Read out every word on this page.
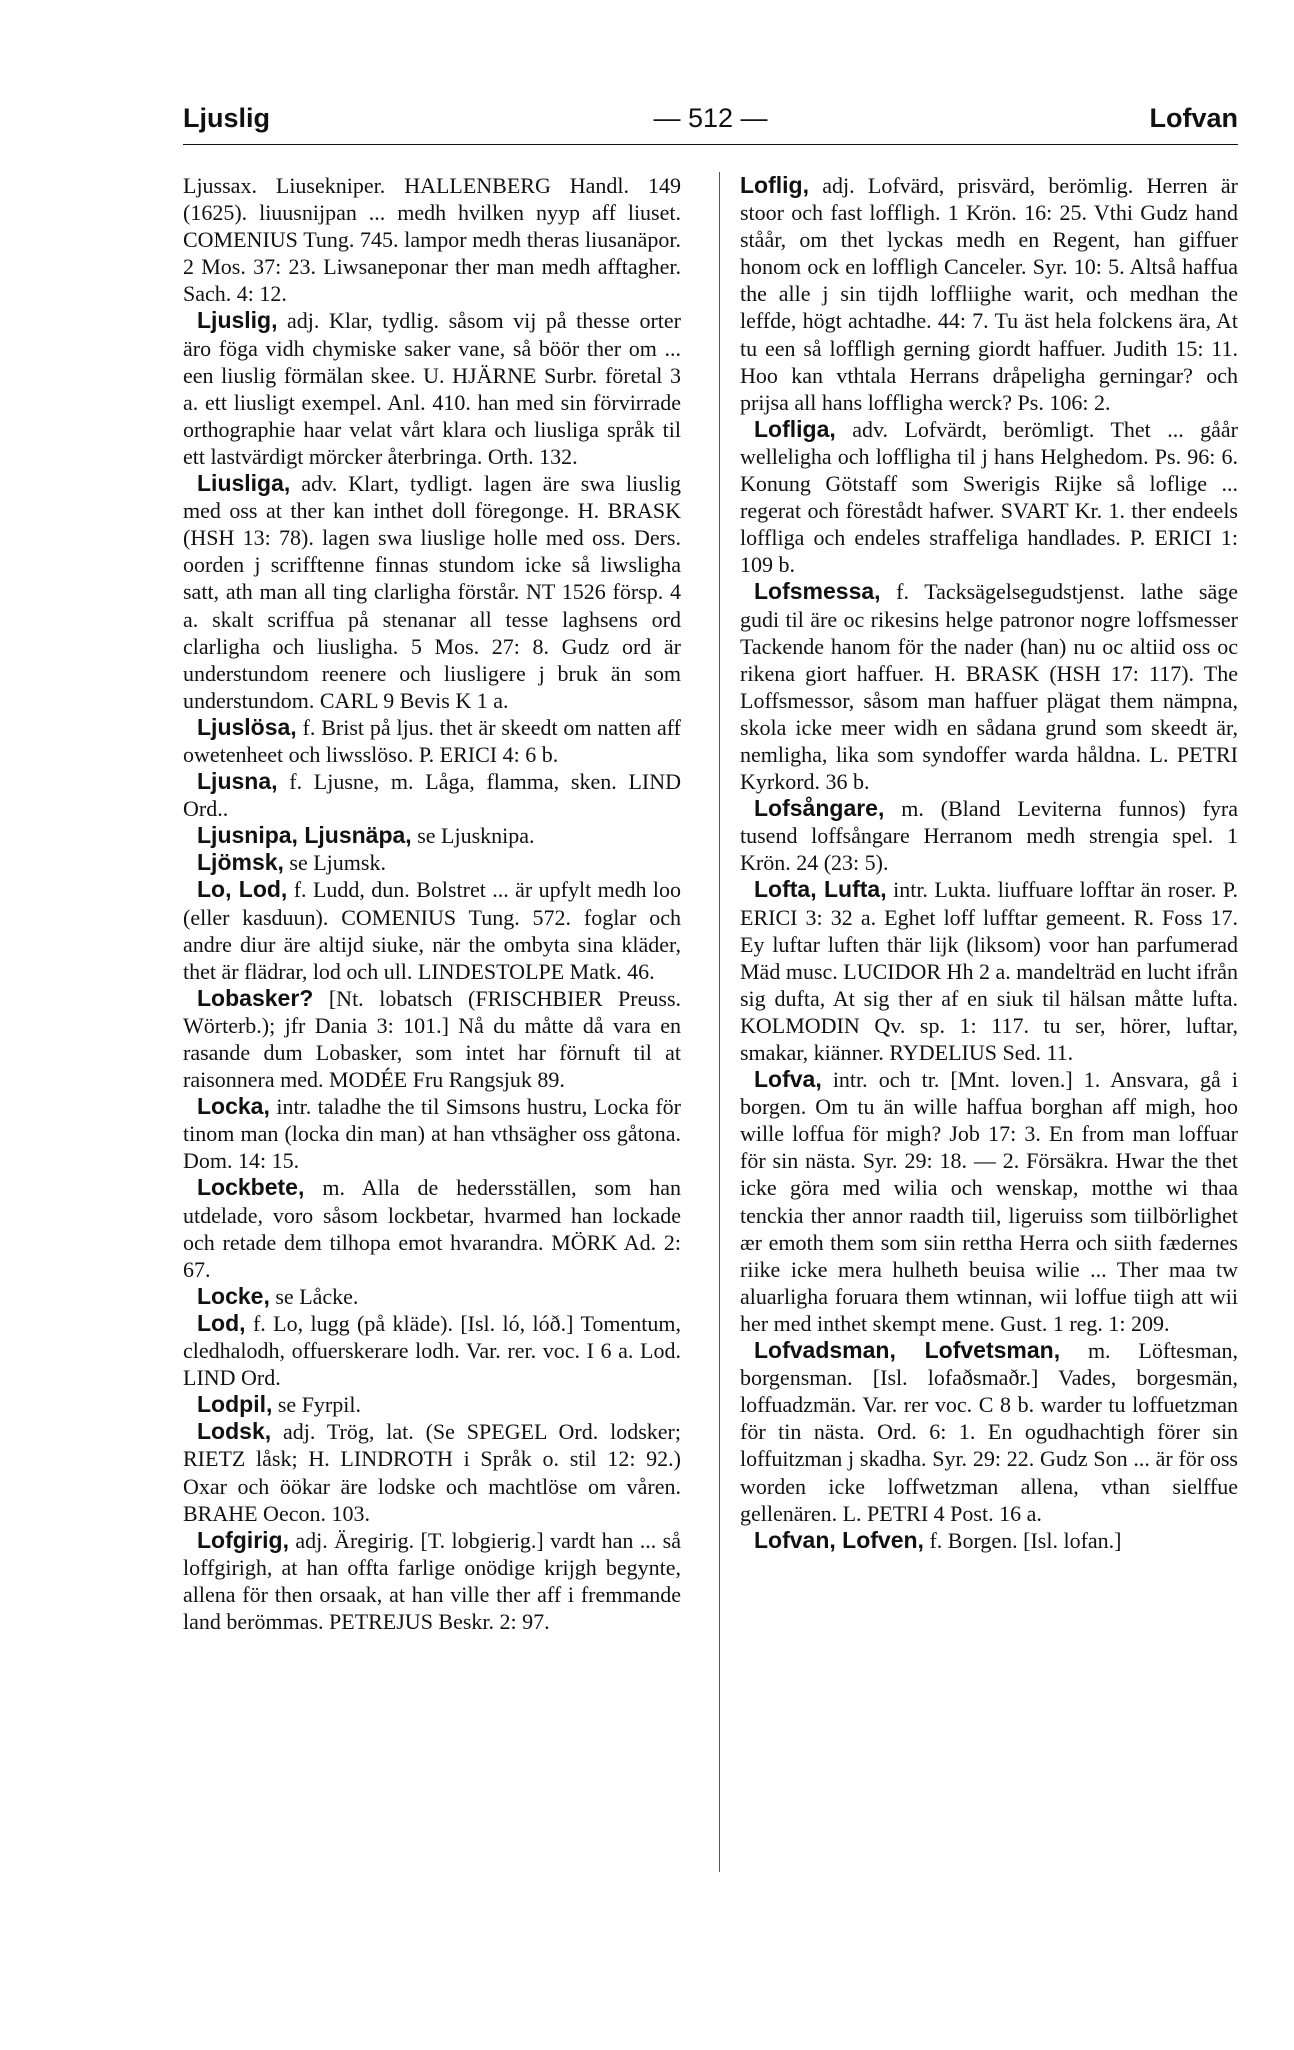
Ljuslig	— 512 —	Lofvan

Ljussax. Liusekniper. HALLENBERG Handl. 149 (1625). liuusnijpan ... medh hvilken nyyp aff liuset. COMENIUS Tung. 745. lampor medh theras liusanäpor. 2 Mos. 37: 23. Liwsaneponar ther man medh afftagher. Sach. 4: 12.

Ljuslig, adj. Klar, tydlig. såsom vij på thesse orter äro föga vidh chymiske saker vane, så böör ther om ... een liuslig förmälan skee. U. HJÄRNE Surbr. företal 3 a. ett liusligt exempel. Anl. 410. han med sin förvirrade orthographie haar velat vårt klara och liusliga språk til ett lastvärdigt mörcker återbringa. Orth. 132.

Liusliga, adv. Klart, tydligt. lagen äre swa liuslig med oss at ther kan inthet doll föregonge. H. BRASK (HSH 13: 78). lagen swa liuslige holle med oss. Ders. oorden j scrifftenne finnas stundom icke så liwsligha satt, ath man all ting clarligha förstår. NT 1526 försp. 4 a. skalt scriffua på stenanar all tesse laghsens ord clarligha och liusligha. 5 Mos. 27: 8. Gudz ord är understundom reenere och liusligere j bruk än som understundom. CARL 9 Bevis K 1 a.

Ljuslösa, f. Brist på ljus. thet är skeedt om natten aff owetenheet och liwsslöso. P. ERICI 4: 6 b.

Ljusna, f. Ljusne, m. Låga, flamma, sken. LIND Ord..

Ljusnipa, Ljusnäpa, se Ljusknipa.

Ljömsk, se Ljumsk.

Lo, Lod, f. Ludd, dun. Bolstret ... är upfylt medh loo (eller kasduun). COMENIUS Tung. 572. foglar och andre diur äre altijd siuke, när the ombyta sina kläder, thet är flädrar, lod och ull. LINDESTOLPE Matk. 46.

Lobasker? [Nt. lobatsch (FRISCHBIER Preuss. Wörterb.); jfr Dania 3: 101.] Nå du måtte då vara en rasande dum Lobasker, som intet har förnuft til at raisonnera med. MODÉE Fru Rangsjuk 89.

Locka, intr. taladhe the til Simsons hustru, Locka för tinom man (locka din man) at han vthsägher oss gåtona. Dom. 14: 15.

Lockbete, m. Alla de hedersställen, som han utdelade, voro såsom lockbetar, hvarmed han lockade och retade dem tilhopa emot hvarandra. MÖRK Ad. 2: 67.

Locke, se Låcke.

Lod, f. Lo, lugg (på kläde). [Isl. ló, lóð.] Tomentum, cledhalodh, offuerskerare lodh. Var. rer. voc. I 6 a. Lod. LIND Ord.

Lodpil, se Fyrpil.

Lodsk, adj. Trög, lat. (Se SPEGEL Ord. lodsker; RIETZ låsk; H. LINDROTH i Språk o. stil 12: 92.) Oxar och öökar äre lodske och machtlöse om våren. BRAHE Oecon. 103.

Lofgirig, adj. Äregirig. [T. lobgierig.] vardt han ... så loffgirigh, at han offta farlige onödige krijgh begynte, allena för then orsaak, at han ville ther aff i fremmande land berömmas. PETREJUS Beskr. 2: 97.

Loflig, adj. Lofvärd, prisvärd, berömlig. Herren är stoor och fast loffligh. 1 Krön. 16: 25. Vthi Gudz hand ståår, om thet lyckas medh en Regent, han giffuer honom ock en loffligh Canceler. Syr. 10: 5. Altså haffua the alle j sin tijdh loffliighe warit, och medhan the leffde, högt achtadhe. 44: 7. Tu äst hela folckens ära, At tu een så loffligh gerning giordt haffuer. Judith 15: 11. Hoo kan vthtala Herrans dråpeligha gerningar? och prijsa all hans loffligha werck? Ps. 106: 2.

Lofliga, adv. Lofvärdt, berömligt. Thet ... gåår welleligha och loffligha til j hans Helghedom. Ps. 96: 6. Konung Götstaff som Swerigis Rijke så loflige ... regerat och förestådt hafwer. SVART Kr. 1. ther endeels loffliga och endeles straffeliga handlades. P. ERICI 1: 109 b.

Lofsmessa, f. Tacksägelsegudstjenst. lathe säge gudi til äre oc rikesins helge patronor nogre loffsmesser Tackende hanom för the nader (han) nu oc altiid oss oc rikena giort haffuer. H. BRASK (HSH 17: 117). The Loffsmessor, såsom man haffuer plägat them nämpna, skola icke meer widh en sådana grund som skeedt är, nemligha, lika som syndoffer warda håldna. L. PETRI Kyrkord. 36 b.

Lofsångare, m. (Bland Leviterna funnos) fyra tusend loffsångare Herranom medh strengia spel. 1 Krön. 24 (23: 5).

Lofta, Lufta, intr. Lukta. liuffuare lofftar än roser. P. ERICI 3: 32 a. Eghet loff lufftar gemeent. R. Foss 17. Ey luftar luften thär lijk (liksom) voor han parfumerad Mäd musc. LUCIDOR Hh 2 a. mandelträd en lucht ifrån sig dufta, At sig ther af en siuk til hälsan måtte lufta. KOLMODIN Qv. sp. 1: 117. tu ser, hörer, luftar, smakar, kiänner. RYDELIUS Sed. 11.

Lofva, intr. och tr. [Mnt. loven.] 1. Ansvara, gå i borgen. Om tu än wille haffua borghan aff migh, hoo wille loffua för migh? Job 17: 3. En from man loffuar för sin nästa. Syr. 29: 18. — 2. Försäkra. Hwar the thet icke göra med wilia och wenskap, motthe wi thaa tenckia ther annor raadth tiil, ligeruiss som tiilbörlighet ær emoth them som siin rettha Herra och siith fædernes riike icke mera hulheth beuisa wilie ... Ther maa tw aluarligha foruara them wtinnan, wii loffue tiigh att wii her med inthet skempt mene. Gust. 1 reg. 1: 209.

Lofvadsman, Lofvetsman, m. Löftesman, borgensman. [Isl. lofaðsmaðr.] Vades, borgesmän, loffuadzmän. Var. rer voc. C 8 b. warder tu loffuetzman för tin nästa. Ord. 6: 1. En ogudhachtigh förer sin loffuitzman j skadha. Syr. 29: 22. Gudz Son ... är för oss worden icke loffwetzman allena, vthan sielffue gellenären. L. PETRI 4 Post. 16 a.

Lofvan, Lofven, f. Borgen. [Isl. lofan.]
